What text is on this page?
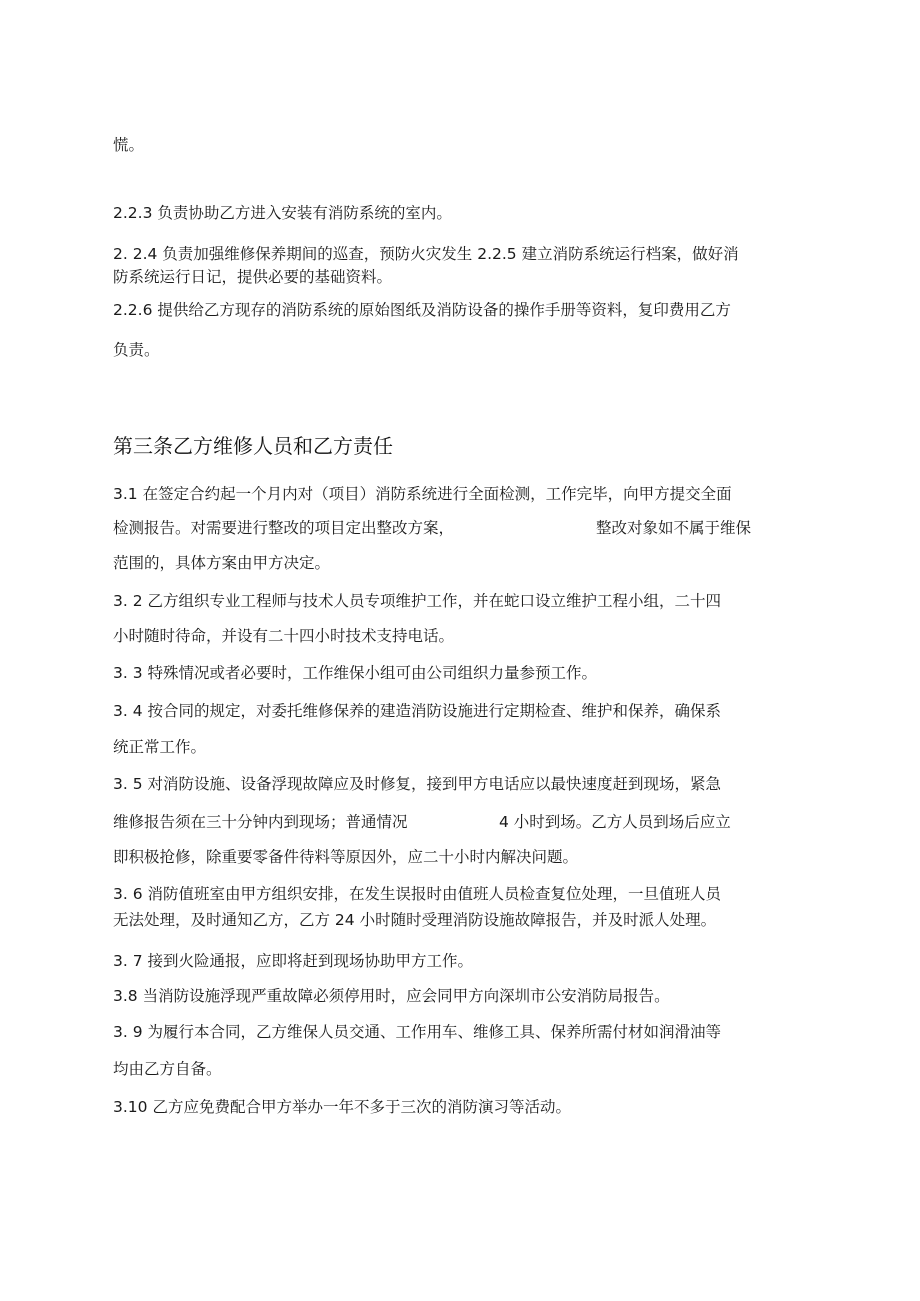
慌。
2.2.3 负责协助乙方进入安装有消防系统的室内。
2. 2.4 负责加强维修保养期间的巡查，预防火灾发生 2.2.5 建立消防系统运行档案，做好消
防系统运行日记，提供必要的基础资料。
2.2.6 提供给乙方现存的消防系统的原始图纸及消防设备的操作手册等资料，复印费用乙方
负责。
第三条乙方维修人员和乙方责任
3.1 在签定合约起一个月内对（项目）消防系统进行全面检测，工作完毕，向甲方提交全面
检测报告。对需要进行整改的项目定出整改方案，	整改对象如不属于维保
范围的，具体方案由甲方决定。
3. 2 乙方组织专业工程师与技术人员专项维护工作，并在蛇口设立维护工程小组，二十四
小时随时待命，并设有二十四小时技术支持电话。
3. 3 特殊情况或者必要时，工作维保小组可由公司组织力量参预工作。
3. 4 按合同的规定，对委托维修保养的建造消防设施进行定期检查、维护和保养，确保系
统正常工作。
3. 5 对消防设施、设备浮现故障应及时修复，接到甲方电话应以最快速度赶到现场，紧急
维修报告须在三十分钟内到现场；普通情况	4 小时到场。乙方人员到场后应立
即积极抢修，除重要零备件待料等原因外，应二十小时内解决问题。
3. 6 消防值班室由甲方组织安排，在发生误报时由值班人员检查复位处理，一旦值班人员
无法处理，及时通知乙方，乙方 24 小时随时受理消防设施故障报告，并及时派人处理。
3. 7 接到火险通报，应即将赶到现场协助甲方工作。
3.8 当消防设施浮现严重故障必须停用时，应会同甲方向深圳市公安消防局报告。
3. 9 为履行本合同，乙方维保人员交通、工作用车、维修工具、保养所需付材如润滑油等
均由乙方自备。
3.10 乙方应免费配合甲方举办一年不多于三次的消防演习等活动。
